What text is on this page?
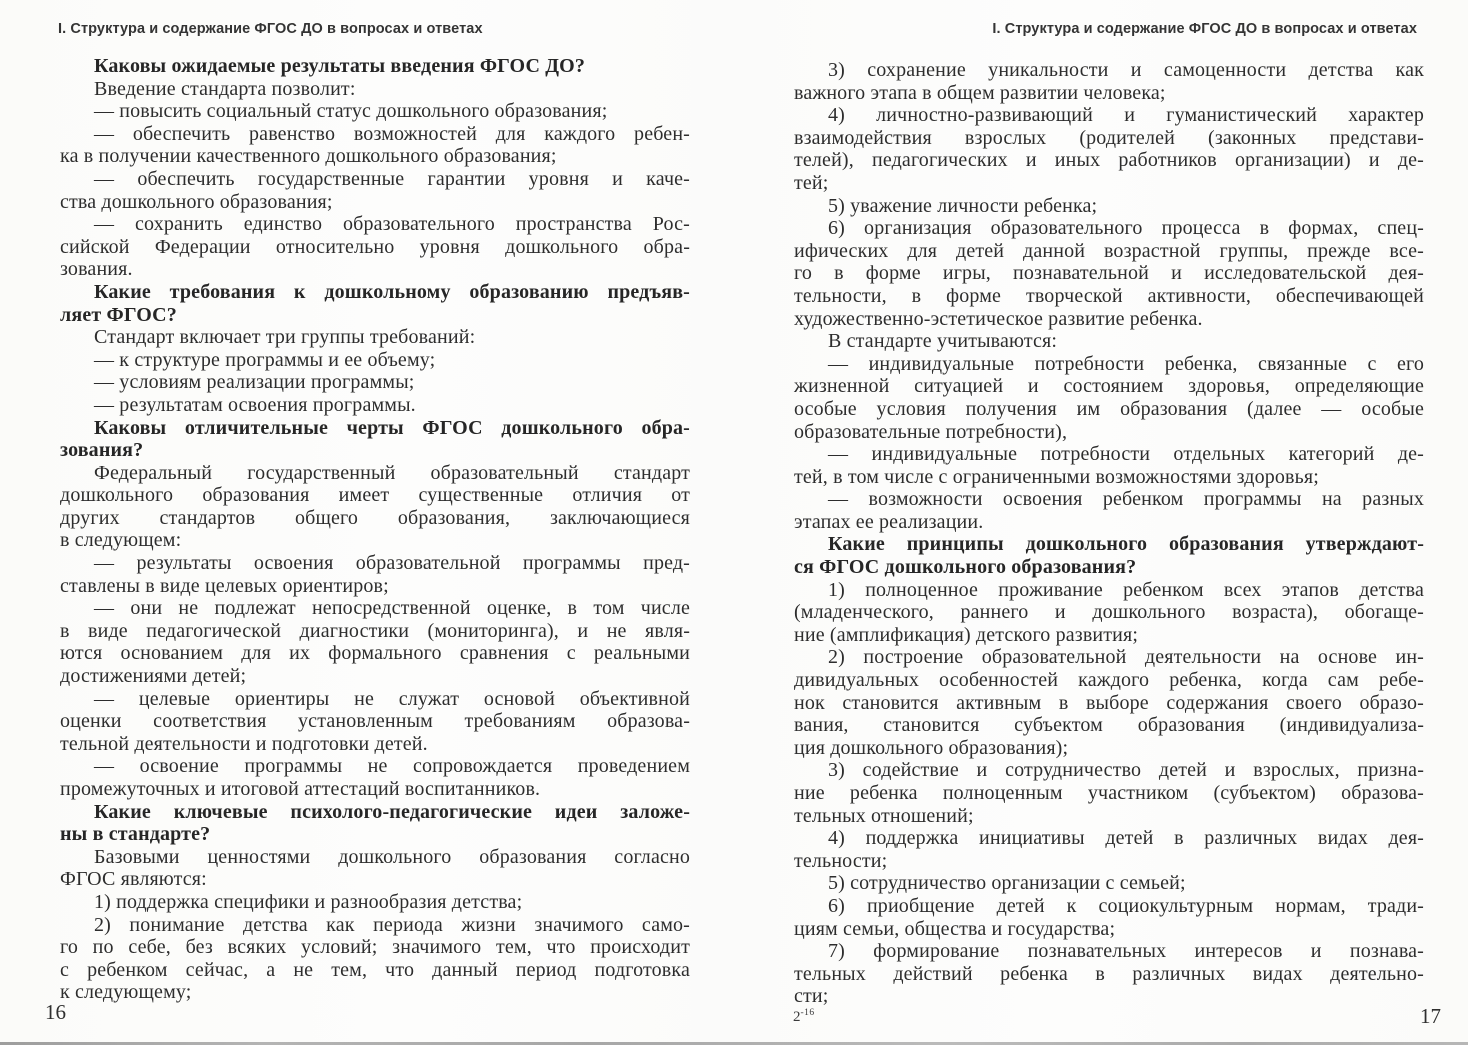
I. Структура и содержание ФГОС ДО в вопросах и ответах
Каковы ожидаемые результаты введения ФГОС ДО?
Введение стандарта позволит:
— повысить социальный статус дошкольного образования;
— обеспечить равенство возможностей для каждого ребен-
ка в получении качественного дошкольного образования;
— обеспечить государственные гарантии уровня и каче-
ства дошкольного образования;
— сохранить единство образовательного пространства Рос-
сийской Федерации относительно уровня дошкольного обра-
зования.
Какие требования к дошкольному образованию предъяв-
ляет ФГОС?
Стандарт включает три группы требований:
— к структуре программы и ее объему;
— условиям реализации программы;
— результатам освоения программы.
Каковы отличительные черты ФГОС дошкольного обра-
зования?
Федеральный государственный образовательный стандарт
дошкольного образования имеет существенные отличия от
других стандартов общего образования, заключающиеся
в следующем:
— результаты освоения образовательной программы пред-
ставлены в виде целевых ориентиров;
— они не подлежат непосредственной оценке, в том числе
в виде педагогической диагностики (мониторинга), и не явля-
ются основанием для их формального сравнения с реальными
достижениями детей;
— целевые ориентиры не служат основой объективной
оценки соответствия установленным требованиям образова-
тельной деятельности и подготовки детей.
— освоение программы не сопровождается проведением
промежуточных и итоговой аттестаций воспитанников.
Какие ключевые психолого-педагогические идеи заложе-
ны в стандарте?
Базовыми ценностями дошкольного образования согласно
ФГОС являются:
1) поддержка специфики и разнообразия детства;
2) понимание детства как периода жизни значимого само-
го по себе, без всяких условий; значимого тем, что происходит
с ребенком сейчас, а не тем, что данный период подготовка
к следующему;
16
I. Структура и содержание ФГОС ДО в вопросах и ответах
3) сохранение уникальности и самоценности детства как
важного этапа в общем развитии человека;
4) личностно-развивающий и гуманистический характер
взаимодействия взрослых (родителей (законных представи-
телей), педагогических и иных работников организации) и де-
тей;
5) уважение личности ребенка;
6) организация образовательного процесса в формах, спец-
ифических для детей данной возрастной группы, прежде все-
го в форме игры, познавательной и исследовательской дея-
тельности, в форме творческой активности, обеспечивающей
художественно-эстетическое развитие ребенка.
В стандарте учитываются:
— индивидуальные потребности ребенка, связанные с его
жизненной ситуацией и состоянием здоровья, определяющие
особые условия получения им образования (далее — особые
образовательные потребности),
— индивидуальные потребности отдельных категорий де-
тей, в том числе с ограниченными возможностями здоровья;
— возможности освоения ребенком программы на разных
этапах ее реализации.
Какие принципы дошкольного образования утверждают-
ся ФГОС дошкольного образования?
1) полноценное проживание ребенком всех этапов детства
(младенческого, раннего и дошкольного возраста), обогаще-
ние (амплификация) детского развития;
2) построение образовательной деятельности на основе ин-
дивидуальных особенностей каждого ребенка, когда сам ребе-
нок становится активным в выборе содержания своего образо-
вания, становится субъектом образования (индивидуализа-
ция дошкольного образования);
3) содействие и сотрудничество детей и взрослых, призна-
ние ребенка полноценным участником (субъектом) образова-
тельных отношений;
4) поддержка инициативы детей в различных видах дея-
тельности;
5) сотрудничество организации с семьей;
6) приобщение детей к социокультурным нормам, тради-
циям семьи, общества и государства;
7) формирование познавательных интересов и познава-
тельных действий ребенка в различных видах деятельно-
сти;
$2^{-16}$	17
